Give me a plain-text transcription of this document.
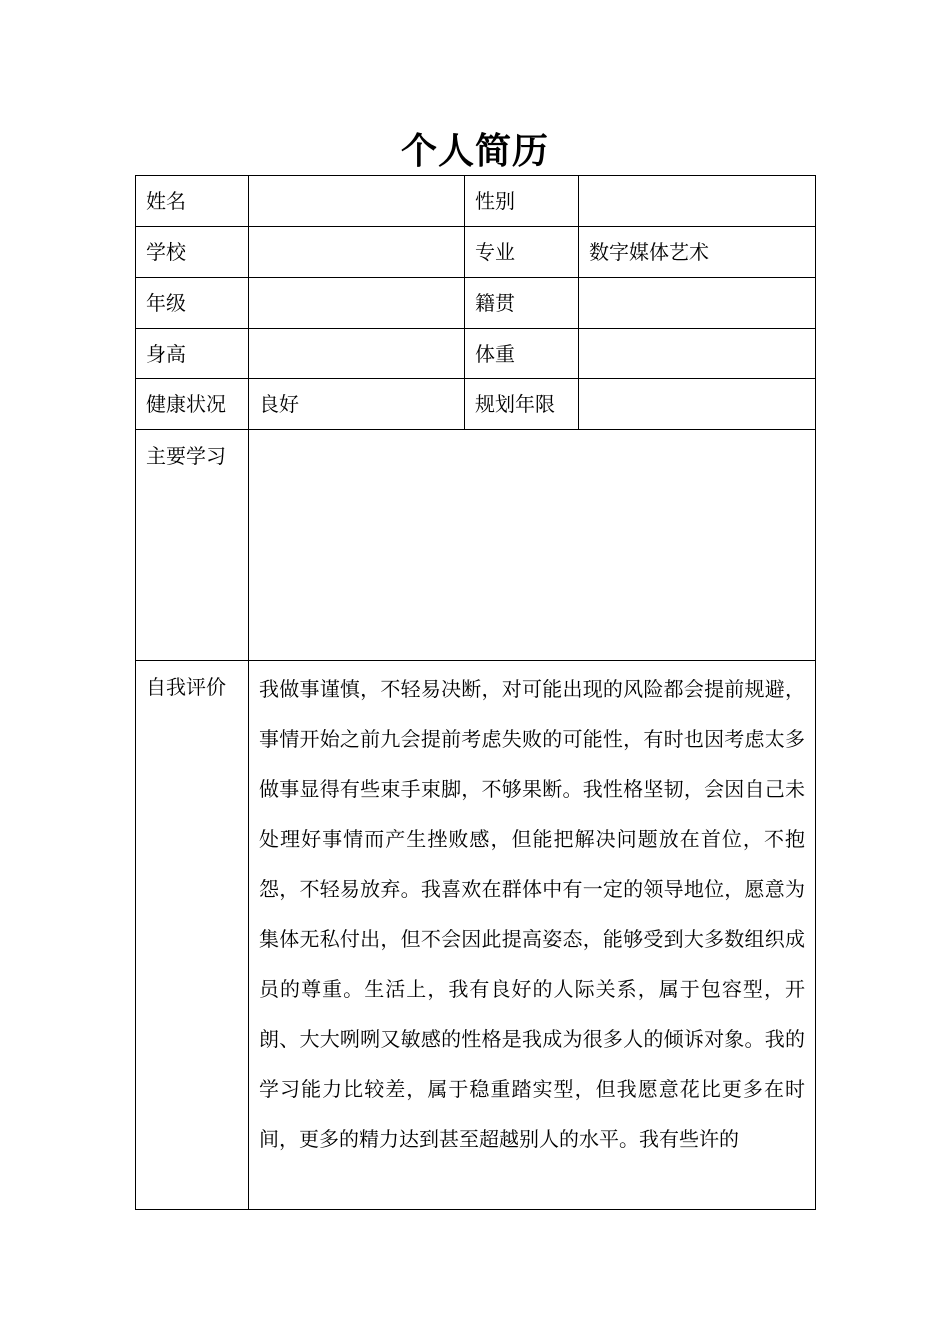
个人简历
姓名		性别	
学校		专业	数字媒体艺术
年级		籍贯	
身高		体重	
健康状况	良好	规划年限	
主要学习			
自我评价	我做事谨慎，不轻易决断，对可能出现的风险都会提前规避，事情开始之前九会提前考虑失败的可能性，有时也因考虑太多做事显得有些束手束脚，不够果断。我性格坚韧，会因自己未处理好事情而产生挫败感，但能把解决问题放在首位，不抱怨，不轻易放弃。我喜欢在群体中有一定的领导地位，愿意为集体无私付出，但不会因此提高姿态，能够受到大多数组织成员的尊重。生活上，我有良好的人际关系，属于包容型，开朗、大大咧咧又敏感的性格是我成为很多人的倾诉对象。我的学习能力比较差，属于稳重踏实型，但我愿意花比更多在时间，更多的精力达到甚至超越别人的水平。我有些许的		
